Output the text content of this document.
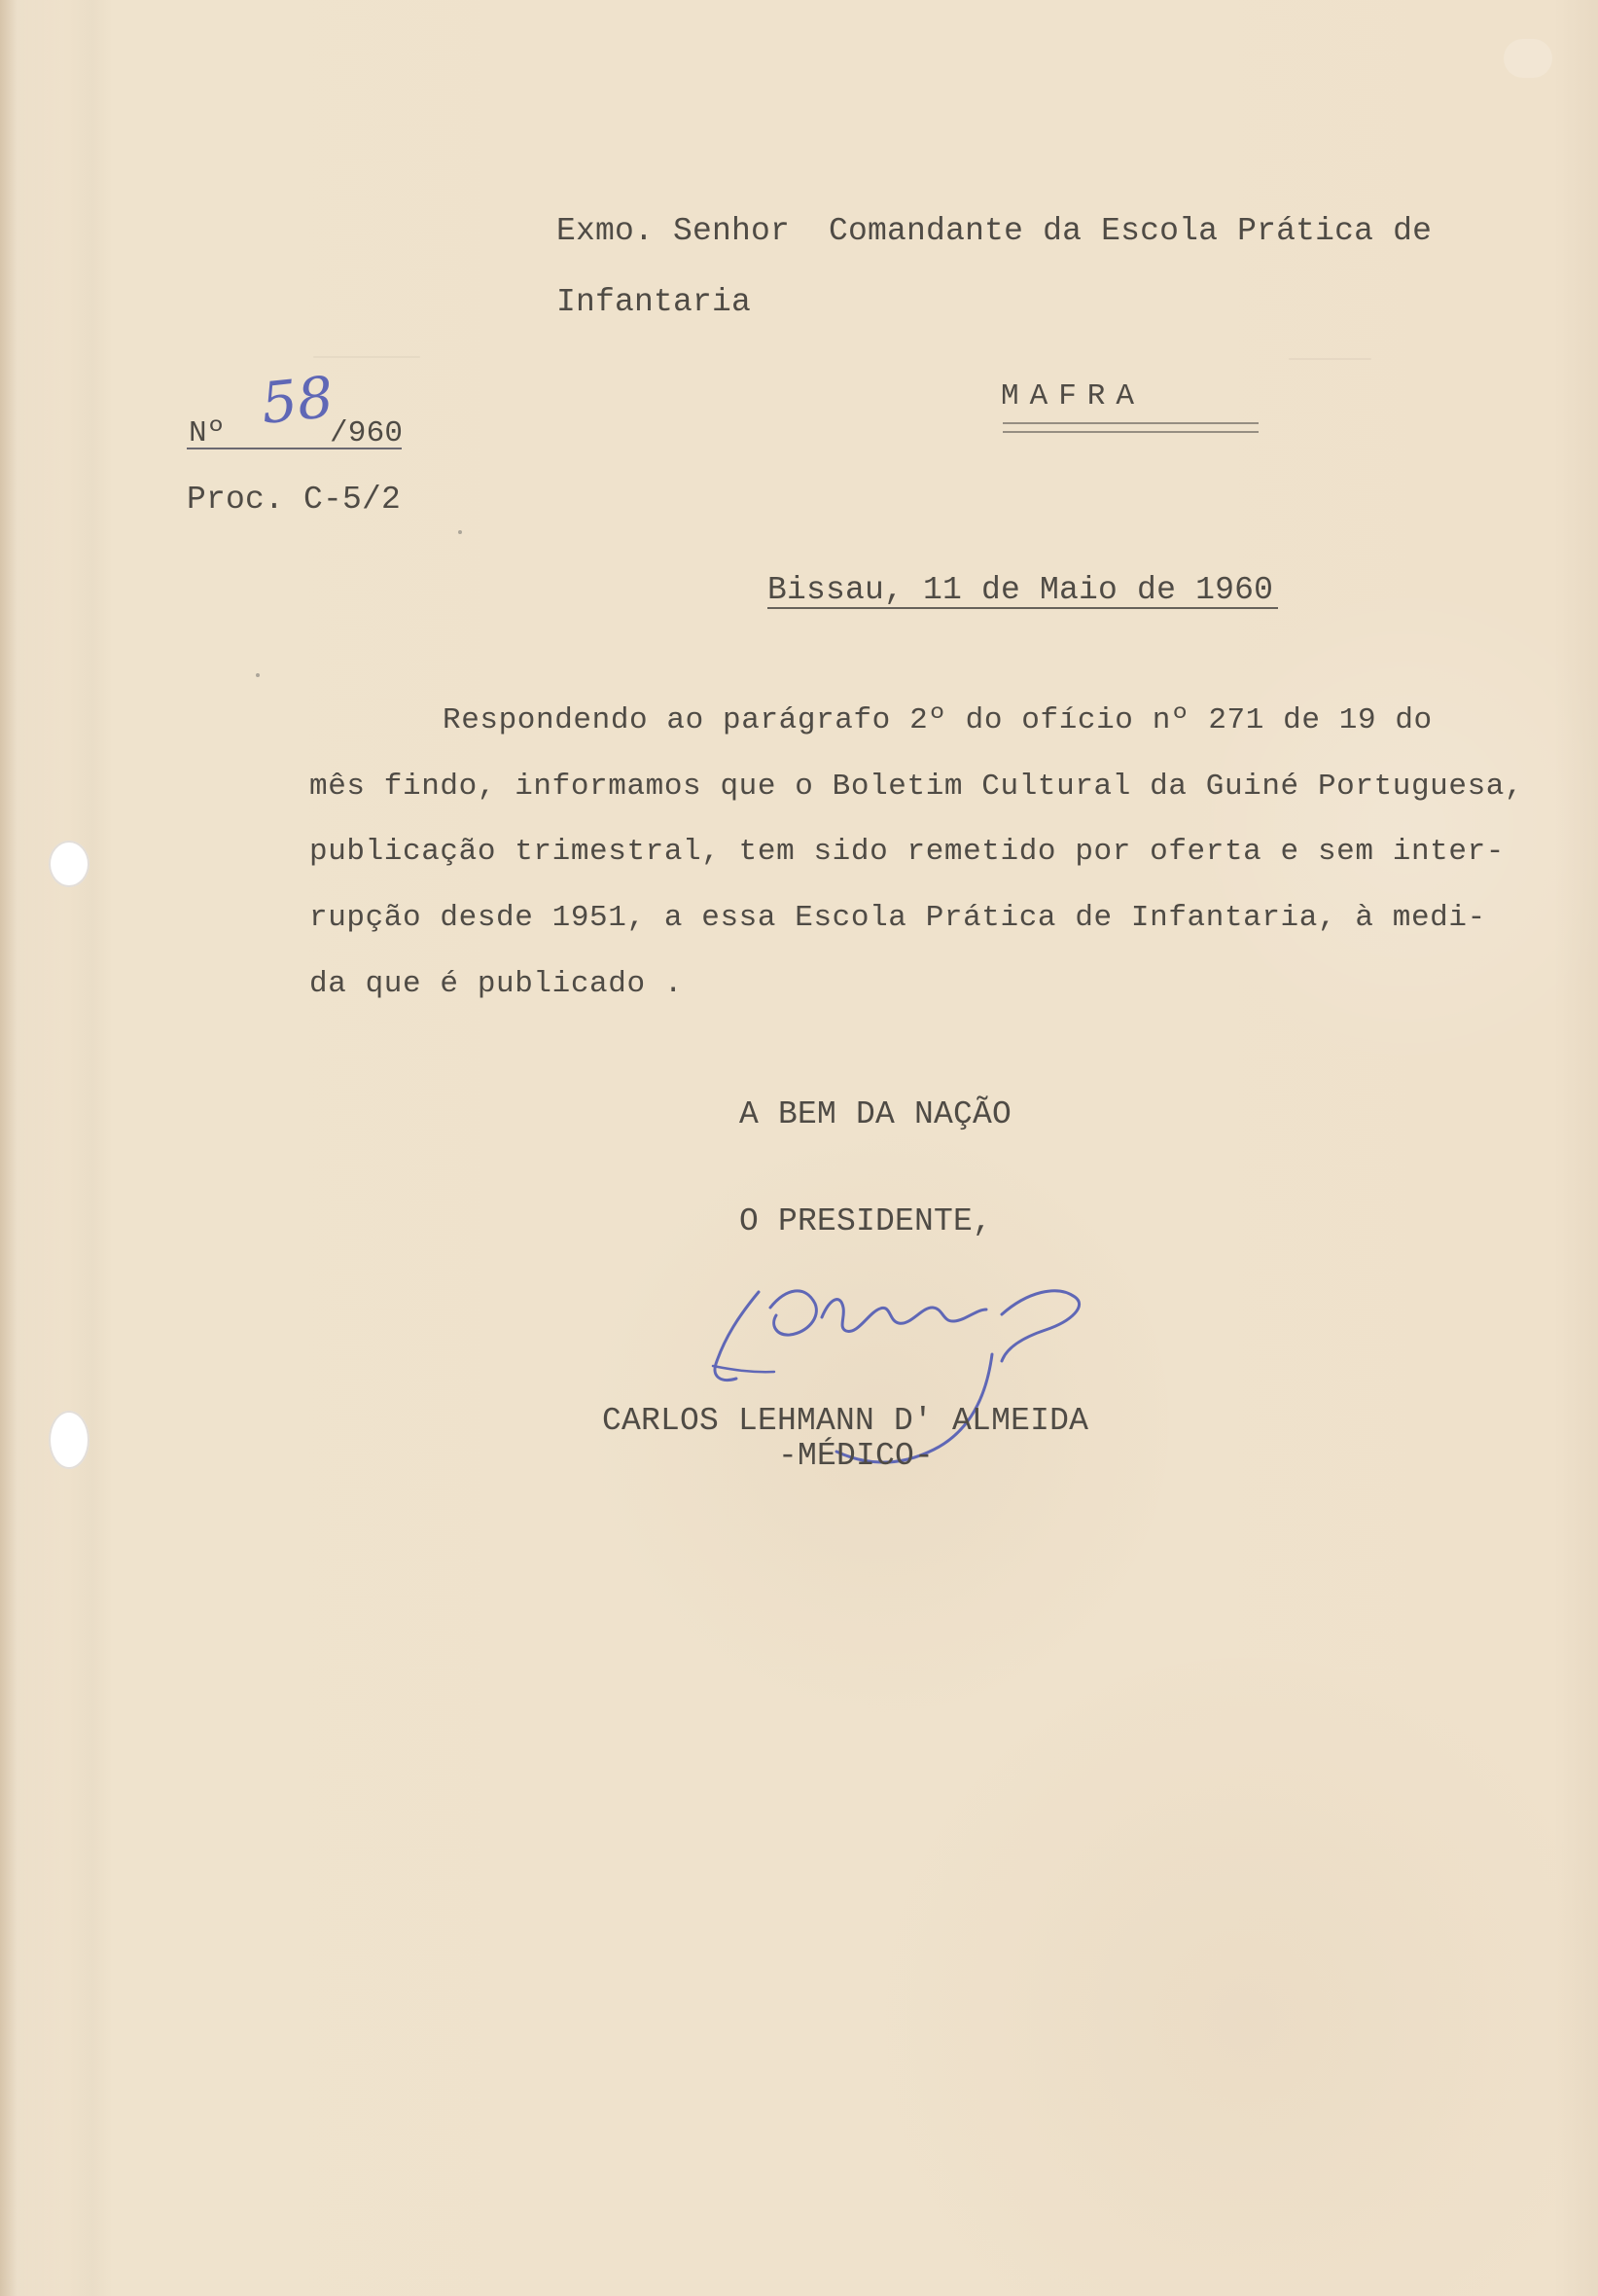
Exmo. Senhor  Comandante da Escola Prática de

Infantaria

MAFRA

Nº 58

/960

Proc. C-5/2

Bissau, 11 de Maio de 1960

Respondendo ao parágrafo 2º do ofício nº 271 de 19 do

mês findo, informamos que o Boletim Cultural da Guiné Portuguesa,

publicação trimestral, tem sido remetido por oferta e sem inter-

rupção desde 1951, a essa Escola Prática de Infantaria, à medi-

da que é publicado .

A BEM DA NAÇÃO

O PRESIDENTE,

CARLOS LEHMANN D' ALMEIDA

-MÉDICO-
